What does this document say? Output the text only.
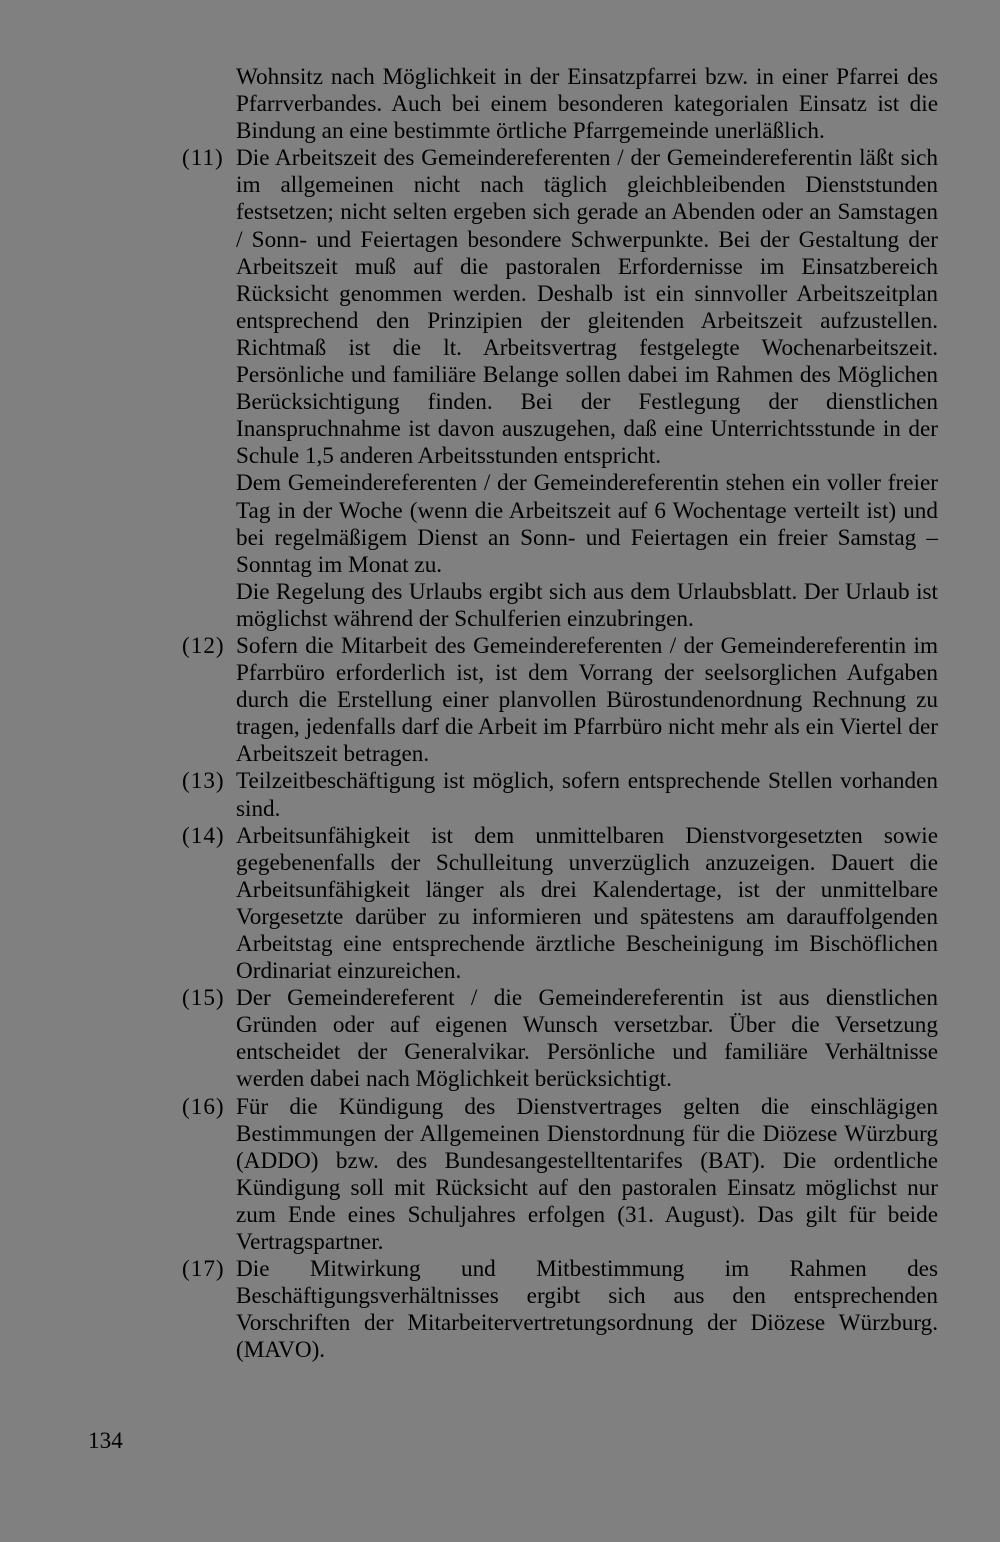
Wohnsitz nach Möglichkeit in der Einsatzpfarrei bzw. in einer Pfarrei des Pfarrverbandes. Auch bei einem besonderen kategorialen Einsatz ist die Bindung an eine bestimmte örtliche Pfarrgemeinde unerläßlich.
(11) Die Arbeitszeit des Gemeindereferenten / der Gemeindereferentin läßt sich im allgemeinen nicht nach täglich gleichbleibenden Dienststunden festsetzen; nicht selten ergeben sich gerade an Abenden oder an Samstagen / Sonn- und Feiertagen besondere Schwerpunkte. Bei der Gestaltung der Arbeitszeit muß auf die pastoralen Erfordernisse im Einsatzbereich Rücksicht genommen werden. Deshalb ist ein sinnvoller Arbeitszeitplan entsprechend den Prinzipien der gleitenden Arbeitszeit aufzustellen. Richtmaß ist die lt. Arbeitsvertrag festgelegte Wochenarbeitszeit. Persönliche und familiäre Belange sollen dabei im Rahmen des Möglichen Berücksichtigung finden. Bei der Festlegung der dienstlichen Inanspruchnahme ist davon auszugehen, daß eine Unterrichtsstunde in der Schule 1,5 anderen Arbeitsstunden entspricht.
Dem Gemeindereferenten / der Gemeindereferentin stehen ein voller freier Tag in der Woche (wenn die Arbeitszeit auf 6 Wochentage verteilt ist) und bei regelmäßigem Dienst an Sonn- und Feiertagen ein freier Samstag – Sonntag im Monat zu.
Die Regelung des Urlaubs ergibt sich aus dem Urlaubsblatt. Der Urlaub ist möglichst während der Schulferien einzubringen.
(12) Sofern die Mitarbeit des Gemeindereferenten / der Gemeindereferentin im Pfarrbüro erforderlich ist, ist dem Vorrang der seelsorglichen Aufgaben durch die Erstellung einer planvollen Bürostundenordnung Rechnung zu tragen, jedenfalls darf die Arbeit im Pfarrbüro nicht mehr als ein Viertel der Arbeitszeit betragen.
(13) Teilzeitbeschäftigung ist möglich, sofern entsprechende Stellen vorhanden sind.
(14) Arbeitsunfähigkeit ist dem unmittelbaren Dienstvorgesetzten sowie gegebenenfalls der Schulleitung unverzüglich anzuzeigen. Dauert die Arbeitsunfähigkeit länger als drei Kalendertage, ist der unmittelbare Vorgesetzte darüber zu informieren und spätestens am darauffolgenden Arbeitstag eine entsprechende ärztliche Bescheinigung im Bischöflichen Ordinariat einzureichen.
(15) Der Gemeindereferent / die Gemeindereferentin ist aus dienstlichen Gründen oder auf eigenen Wunsch versetzbar. Über die Versetzung entscheidet der Generalvikar. Persönliche und familiäre Verhältnisse werden dabei nach Möglichkeit berücksichtigt.
(16) Für die Kündigung des Dienstvertrages gelten die einschlägigen Bestimmungen der Allgemeinen Dienstordnung für die Diözese Würzburg (ADDO) bzw. des Bundesangestelltentarifes (BAT). Die ordentliche Kündigung soll mit Rücksicht auf den pastoralen Einsatz möglichst nur zum Ende eines Schuljahres erfolgen (31. August). Das gilt für beide Vertragspartner.
(17) Die Mitwirkung und Mitbestimmung im Rahmen des Beschäftigungsverhältnisses ergibt sich aus den entsprechenden Vorschriften der Mitarbeitervertretungsordnung der Diözese Würzburg. (MAVO).
134
